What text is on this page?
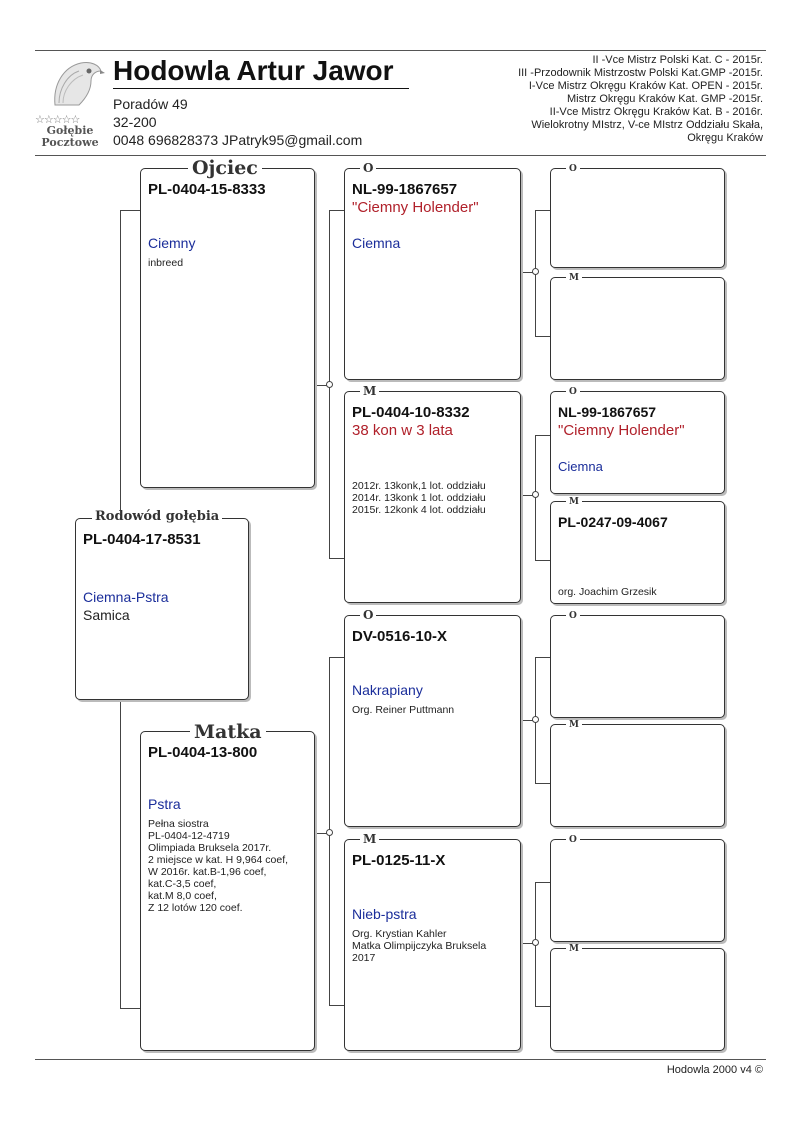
☆☆☆☆☆
Gołębie
Pocztowe
Hodowla Artur Jawor
Poradów 49
32-200
0048 696828373 JPatryk95@gmail.com
II -Vce Mistrz Polski Kat. C - 2015r.
III -Przodownik Mistrzostw Polski Kat.GMP -2015r.
I-Vce Mistrz Okręgu Kraków Kat. OPEN - 2015r.
Mistrz Okręgu Kraków Kat. GMP -2015r.
II-Vce Mistrz Okręgu Kraków Kat. B - 2016r.
Wielokrotny MIstrz, V-ce MIstrz Oddziału Skała,
Okręgu Kraków
PL-0404-17-8531
Ciemna-Pstra
Samica
Rodowód gołębia
PL-0404-15-8333
Ciemny
inbreed
Ojciec
PL-0404-13-800
Pstra
Pełna siostra
PL-0404-12-4719
Olimpiada Bruksela 2017r.
2 miejsce w kat. H 9,964 coef,
W 2016r. kat.B-1,96 coef,
kat.C-3,5 coef,
kat.M 8,0 coef,
Z 12 lotów 120 coef.
Matka
NL-99-1867657
"Ciemny Holender"
Ciemna
O
PL-0404-10-8332
38 kon w 3 lata
2012r. 13konk,1 lot. oddziału
2014r. 13konk 1 lot. oddziału
2015r. 12konk 4 lot. oddziału
M
DV-0516-10-X
Nakrapiany
Org. Reiner Puttmann
O
PL-0125-11-X
Nieb-pstra
Org. Krystian Kahler
Matka Olimpijczyka Bruksela
2017
M
O
M
NL-99-1867657
"Ciemny Holender"
Ciemna
O
PL-0247-09-4067
org. Joachim Grzesik
M
O
M
O
M
Hodowla 2000 v4 ©
